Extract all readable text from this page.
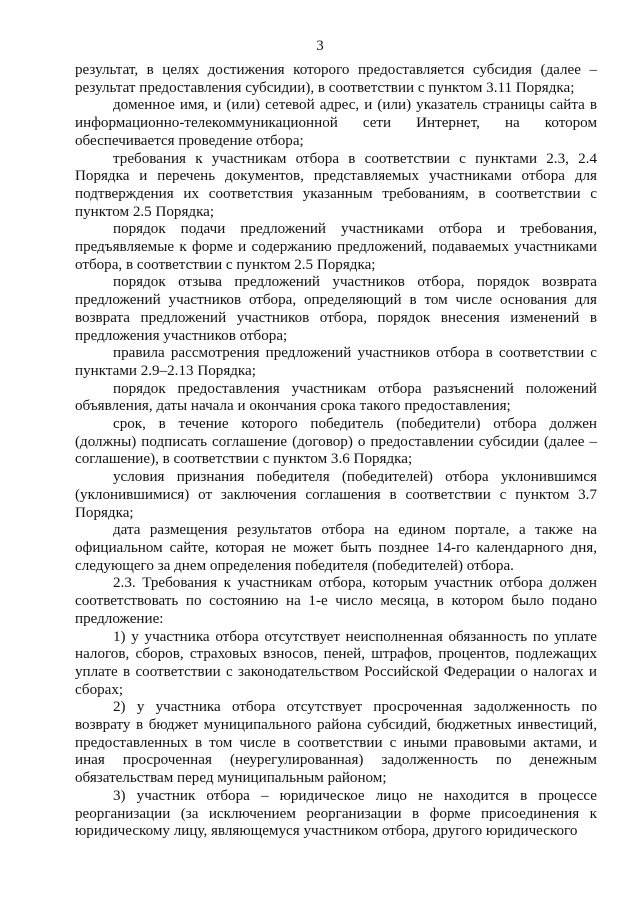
3

результат, в целях достижения которого предоставляется субсидия (далее – результат предоставления субсидии), в соответствии с пунктом 3.11 Порядка;

доменное имя, и (или) сетевой адрес, и (или) указатель страницы сайта в информационно-телекоммуникационной сети Интернет, на котором обеспечивается проведение отбора;

требования к участникам отбора в соответствии с пунктами 2.3, 2.4 Порядка и перечень документов, представляемых участниками отбора для подтверждения их соответствия указанным требованиям, в соответствии с пунктом 2.5 Порядка;

порядок подачи предложений участниками отбора и требования, предъявляемые к форме и содержанию предложений, подаваемых участниками отбора, в соответствии с пунктом 2.5 Порядка;

порядок отзыва предложений участников отбора, порядок возврата предложений участников отбора, определяющий в том числе основания для возврата предложений участников отбора, порядок внесения изменений в предложения участников отбора;

правила рассмотрения предложений участников отбора в соответствии с пунктами 2.9–2.13 Порядка;

порядок предоставления участникам отбора разъяснений положений объявления, даты начала и окончания срока такого предоставления;

срок, в течение которого победитель (победители) отбора должен (должны) подписать соглашение (договор) о предоставлении субсидии (далее – соглашение), в соответствии с пунктом 3.6 Порядка;

условия признания победителя (победителей) отбора уклонившимся (уклонившимися) от заключения соглашения в соответствии с пунктом 3.7 Порядка;

дата размещения результатов отбора на едином портале, а также на официальном сайте, которая не может быть позднее 14-го календарного дня, следующего за днем определения победителя (победителей) отбора.

2.3. Требования к участникам отбора, которым участник отбора должен соответствовать по состоянию на 1-е число месяца, в котором было подано предложение:

1) у участника отбора отсутствует неисполненная обязанность по уплате налогов, сборов, страховых взносов, пеней, штрафов, процентов, подлежащих уплате в соответствии с законодательством Российской Федерации о налогах и сборах;

2) у участника отбора отсутствует просроченная задолженность по возврату в бюджет муниципального района субсидий, бюджетных инвестиций, предоставленных в том числе в соответствии с иными правовыми актами, и иная просроченная (неурегулированная) задолженность по денежным обязательствам перед муниципальным районом;

3) участник отбора – юридическое лицо не находится в процессе реорганизации (за исключением реорганизации в форме присоединения к юридическому лицу, являющемуся участником отбора, другого юридического
